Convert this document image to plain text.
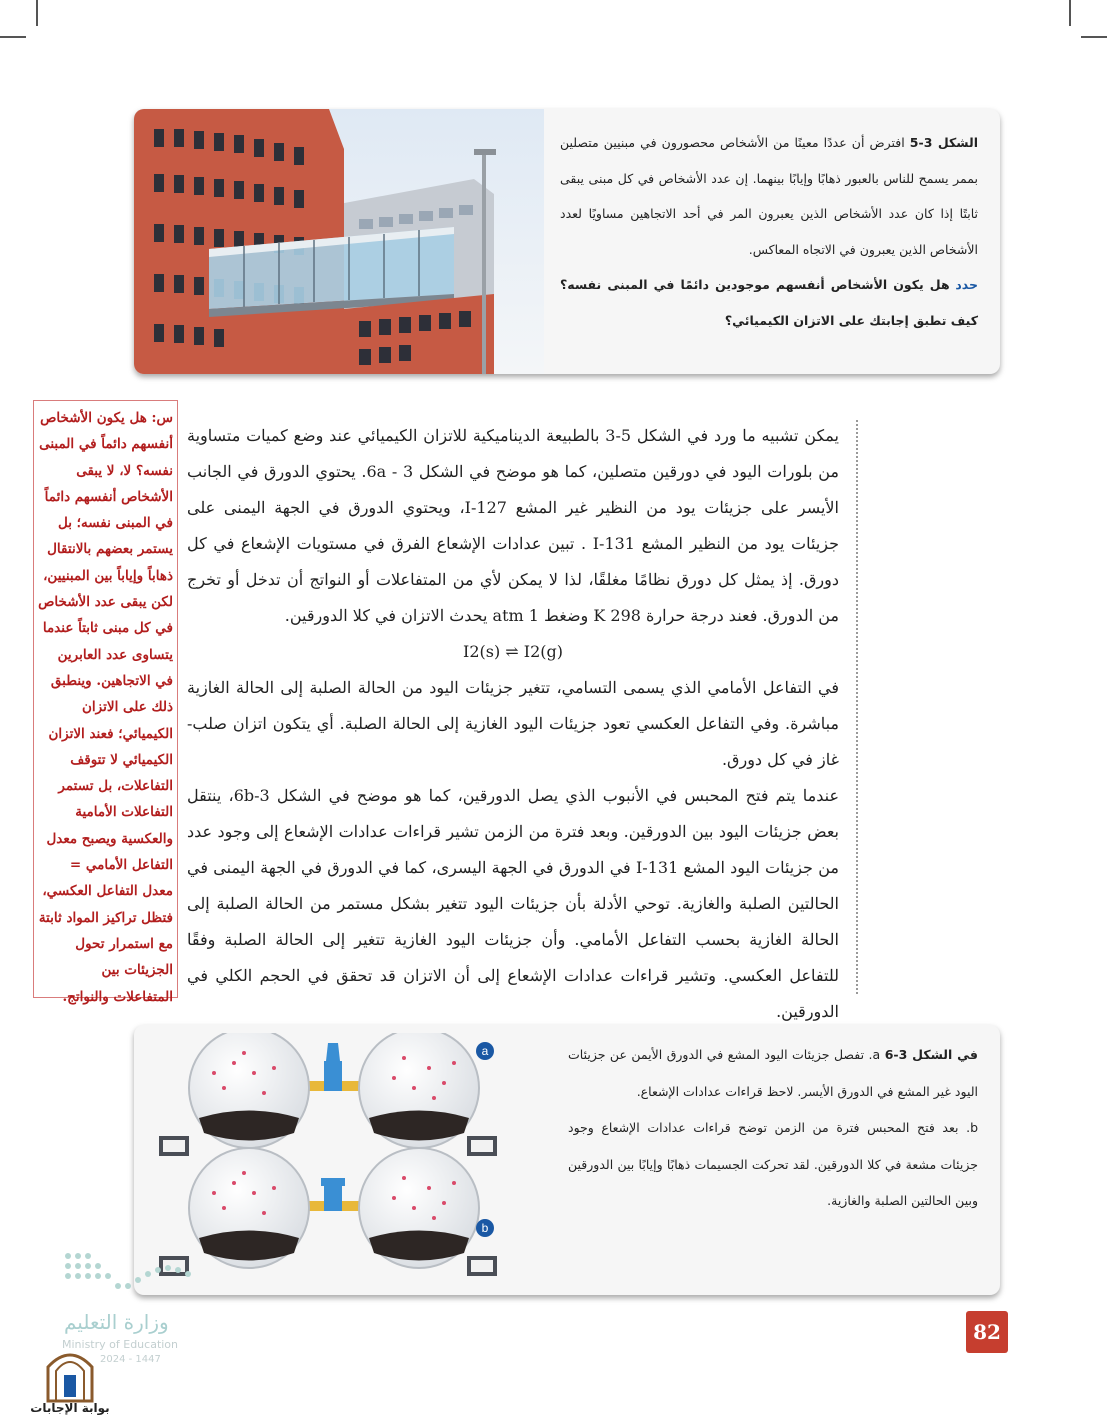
الشكل 3-5 افترض أن عددًا معينًا من الأشخاص محصورون في مبنيين متصلين بممر يسمح للناس بالعبور ذهابًا وإيابًا بينهما. إن عدد الأشخاص في كل مبنى يبقى ثابتًا إذا كان عدد الأشخاص الذين يعبرون المر في أحد الاتجاهين مساويًا لعدد الأشخاص الذين يعبرون في الاتجاه المعاكس.
حدد هل يكون الأشخاص أنفسهم موجودين دائمًا في المبنى نفسه؟ كيف تطبق إجابتك على الاتزان الكيميائي؟

س: هل يكون الأشخاص أنفسهم دائماً في المبنى نفسه؟ لا، لا يبقى الأشخاص أنفسهم دائماً في المبنى نفسه؛ بل يستمر بعضهم بالانتقال ذهاباً وإياباً بين المبنيين، لكن يبقى عدد الأشخاص في كل مبنى ثابتاً عندما يتساوى عدد العابرين في الاتجاهين. وينطبق ذلك على الاتزان الكيميائي؛ فعند الاتزان الكيميائي لا تتوقف التفاعلات، بل تستمر التفاعلات الأمامية والعكسية ويصبح معدل التفاعل الأمامي = معدل التفاعل العكسي، فتظل تراكيز المواد ثابتة مع استمرار تحول الجزيئات بين المتفاعلات والنواتج.

يمكن تشبيه ما ورد في الشكل 5-3 بالطبيعة الديناميكية للاتزان الكيميائي عند وضع كميات متساوية من بلورات اليود في دورقين متصلين، كما هو موضح في الشكل 6a - 3. يحتوي الدورق في الجانب الأيسر على جزيئات يود من النظير غير المشع I-127، ويحتوي الدورق في الجهة اليمنى على جزيئات يود من النظير المشع I-131 . تبين عدادات الإشعاع الفرق في مستويات الإشعاع في كل دورق. إذ يمثل كل دورق نظامًا مغلقًا، لذا لا يمكن لأي من المتفاعلات أو النواتج أن تدخل أو تخرج من الدورق. فعند درجة حرارة 298 K وضغط 1 atm يحدث الاتزان في كلا الدورقين.

I2(s) ⇌ I2(g)

في التفاعل الأمامي الذي يسمى التسامي، تتغير جزيئات اليود من الحالة الصلبة إلى الحالة الغازية مباشرة. وفي التفاعل العكسي تعود جزيئات اليود الغازية إلى الحالة الصلبة. أي يتكون اتزان صلب-غاز في كل دورق.

عندما يتم فتح المحبس في الأنبوب الذي يصل الدورقين، كما هو موضح في الشكل 6b-3، ينتقل بعض جزيئات اليود بين الدورقين. وبعد فترة من الزمن تشير قراءات عدادات الإشعاع إلى وجود عدد من جزيئات اليود المشع I-131 في الدورق في الجهة اليسرى، كما في الدورق في الجهة اليمنى في الحالتين الصلبة والغازية. توحي الأدلة بأن جزيئات اليود تتغير بشكل مستمر من الحالة الصلبة إلى الحالة الغازية بحسب التفاعل الأمامي. وأن جزيئات اليود الغازية تتغير إلى الحالة الصلبة وفقًا للتفاعل العكسي. وتشير قراءات عدادات الإشعاع إلى أن الاتزان قد تحقق في الحجم الكلي في الدورقين.

a
b
في الشكل 3-6 a. تفصل جزيئات اليود المشع في الدورق الأيمن عن جزيئات اليود غير المشع في الدورق الأيسر. لاحظ قراءات عدادات الإشعاع.
b. بعد فتح المحبس فترة من الزمن توضح قراءات عدادات الإشعاع وجود جزيئات مشعة في كلا الدورقين. لقد تحركت الجسيمات ذهابًا وإيابًا بين الدورقين وبين الحالتين الصلبة والغازية.
82
وزارة التعليم
Ministry of Education
2024 - 1447
بوابة الإجابات
